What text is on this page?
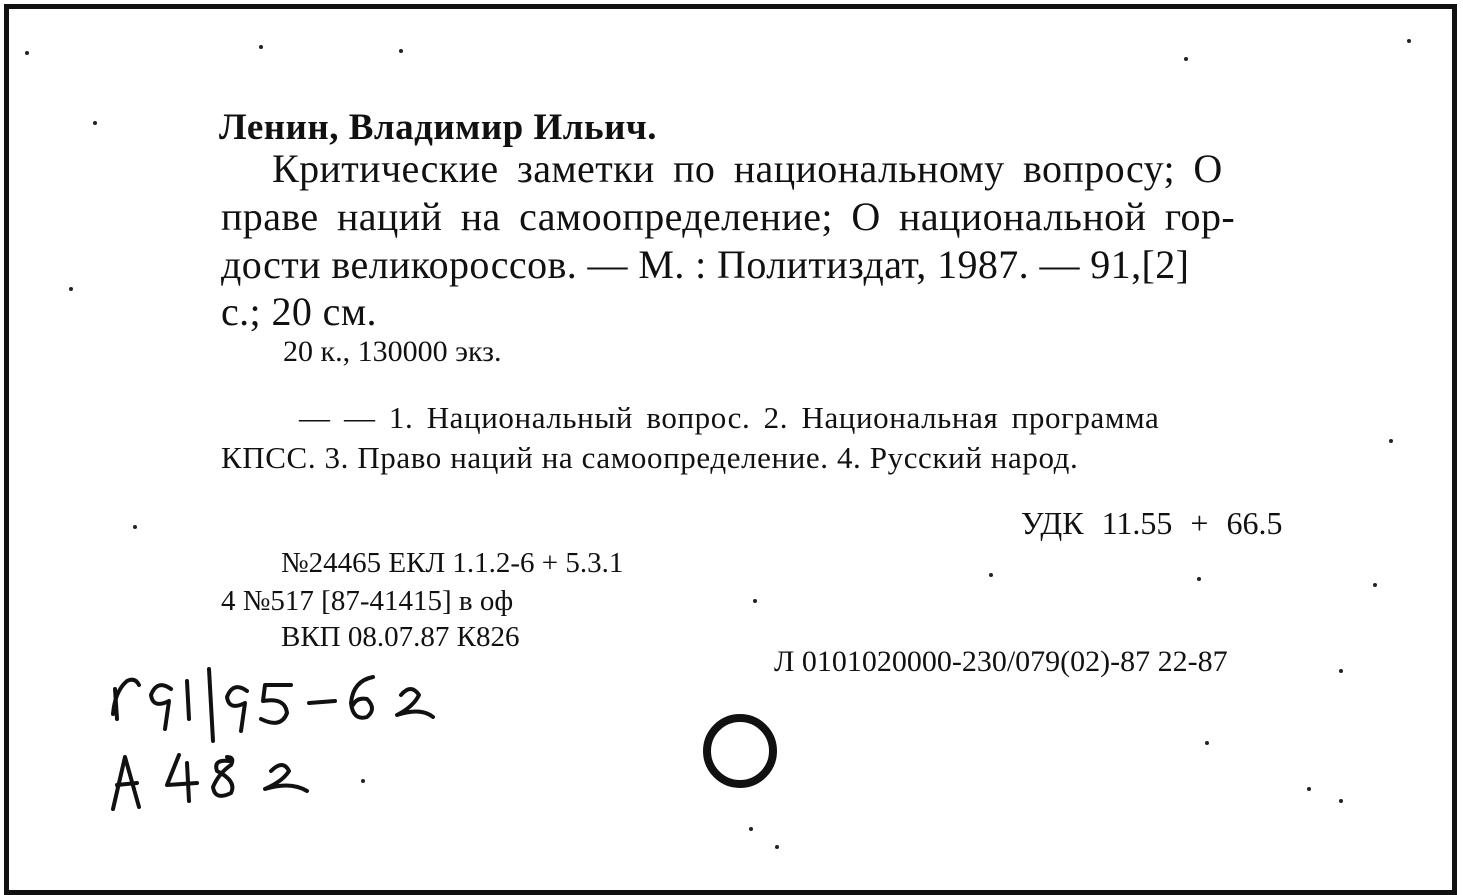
Ленин, Владимир Ильич.
Критические заметки по национальному вопросу; О
праве наций на самоопределение; О национальной гор-
дости великороссов. — М. : Политиздат, 1987. — 91,[2]
с.; 20 см.
20 к., 130000 экз.
— — 1. Национальный вопрос. 2. Национальная программа
КПСС. 3. Право наций на самоопределение. 4. Русский народ.
УДК 11.55 + 66.5
№24465 ЕКЛ 1.1.2-6 + 5.3.1
4 №517 [87-41415] в оф
ВКП 08.07.87 К826
Л 0101020000-230/079(02)-87 22-87
